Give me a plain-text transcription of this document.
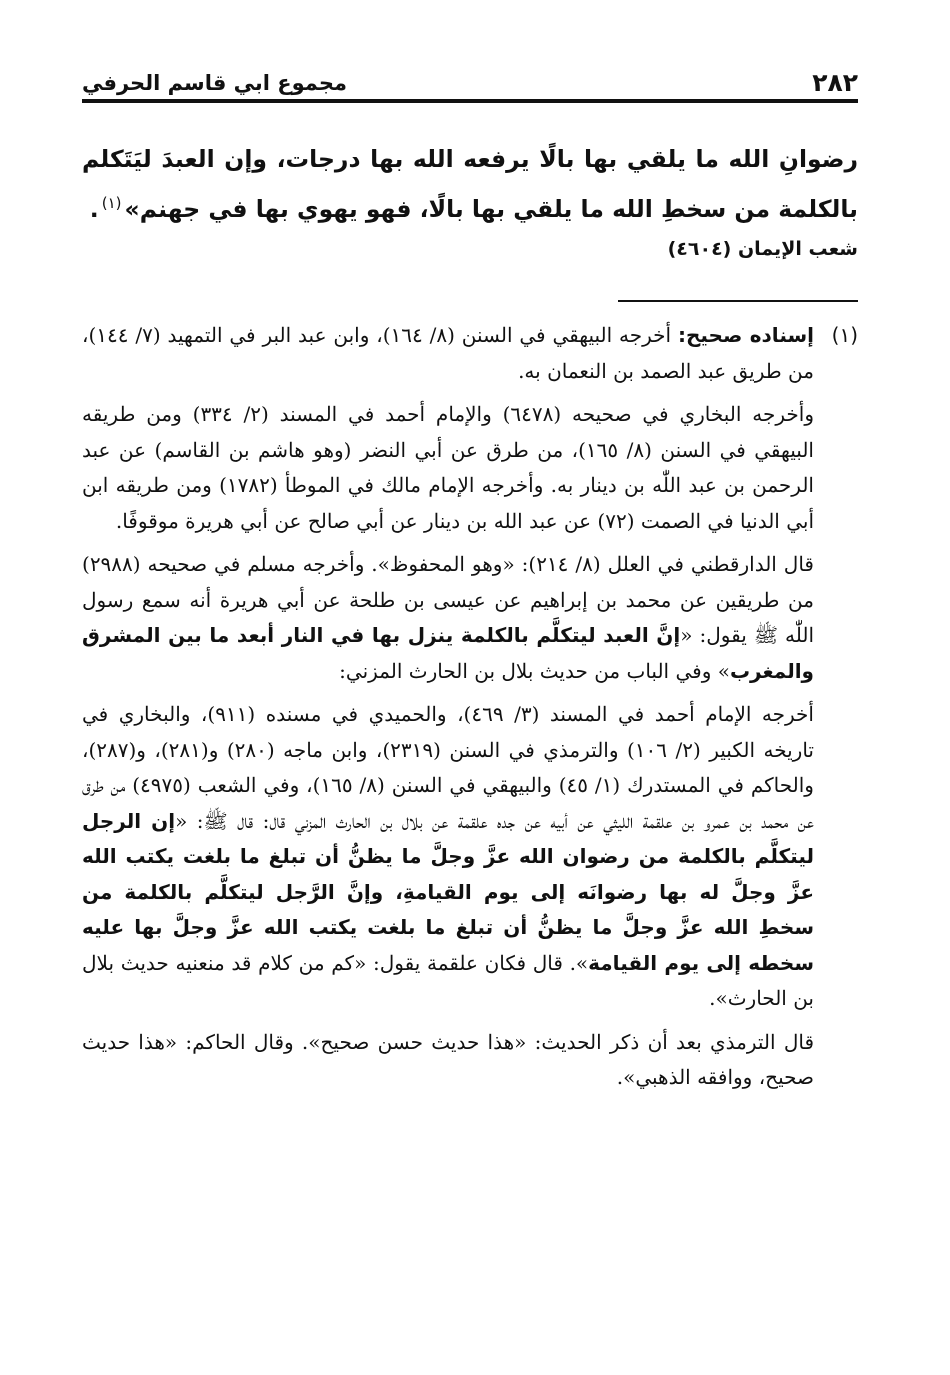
٢٨٢
مجموع ابي قاسم الحرفي
رضوانِ الله ما يلقي بها بالًا يرفعه الله بها درجات، وإن العبدَ ليَتَكلم بالكلمة من سخطِ الله ما يلقي بها بالًا، فهو يهوي بها في جهنم»$^{(١)}$.
شعب الإيمان (٤٦٠٤)
(١)

إسناده صحيح: أخرجه البيهقي في السنن (٨/ ١٦٤)، وابن عبد البر في التمهيد (٧/ ١٤٤)، من طريق عبد الصمد بن النعمان به.

وأخرجه البخاري في صحيحه (٦٤٧٨) والإمام أحمد في المسند (٢/ ٣٣٤) ومن طريقه البيهقي في السنن (٨/ ١٦٥)، من طرق عن أبي النضر (وهو هاشم بن القاسم) عن عبد الرحمن بن عبد اللّٰه بن دينار به. وأخرجه الإمام مالك في الموطأ (١٧٨٢) ومن طريقه ابن أبي الدنيا في الصمت (٧٢) عن عبد الله بن دينار عن أبي صالح عن أبي هريرة موقوفًا.

قال الدارقطني في العلل (٨/ ٢١٤): «وهو المحفوظ». وأخرجه مسلم في صحيحه (٢٩٨٨) من طريقين عن محمد بن إبراهيم عن عيسى بن طلحة عن أبي هريرة أنه سمع رسول اللّٰه ﷺ يقول: «إنَّ العبد ليتكلَّم بالكلمة ينزل بها في النار أبعد ما بين المشرق والمغرب» وفي الباب من حديث بلال بن الحارث المزني:

أخرجه الإمام أحمد في المسند (٣/ ٤٦٩)، والحميدي في مسنده (٩١١)، والبخاري في تاريخه الكبير (٢/ ١٠٦) والترمذي في السنن (٢٣١٩)، وابن ماجه (٢٨٠) و(٢٨١)، و(٢٨٧)، والحاكم في المستدرك (١/ ٤٥) والبيهقي في السنن (٨/ ١٦٥)، وفي الشعب (٤٩٧٥) من طرق عن محمد بن عمرو بن علقمة الليثي عن أبيه عن جده علقمة عن بلال بن الحارث المزني قال: قال ﷺ: «إن الرجل ليتكلَّم بالكلمة من رضوان الله عزَّ وجلَّ ما يظنُّ أن تبلغ ما بلغت يكتب الله عزَّ وجلَّ له بها رضوانَه إلى يوم القيامةِ، وإنَّ الرَّجل ليتكلَّم بالكلمة من سخطِ الله عزَّ وجلَّ ما يظنُّ أن تبلغ ما بلغت يكتب الله عزَّ وجلَّ بها عليه سخطه إلى يوم القيامة». قال فكان علقمة يقول: «كم من كلام قد منعنيه حديث بلال بن الحارث».

قال الترمذي بعد أن ذكر الحديث: «هذا حديث حسن صحيح». وقال الحاكم: «هذا حديث صحيح، ووافقه الذهبي».
